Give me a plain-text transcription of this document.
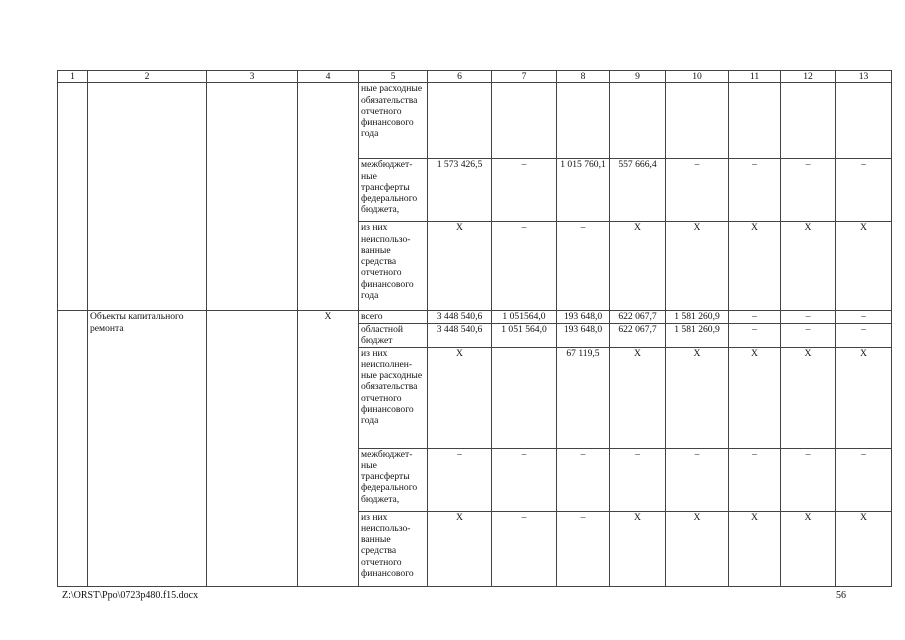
1	2	3	4	5	6	7	8	9	10	11	12	13
				ные расходные обязательства отчетного финансового года								
				межбюджет-ные трансферты федерального бюджета,	1 573 426,5	–	1 015 760,1	557 666,4	–	–	–	–
				из них неиспользо-ванные средства отчетного финансового года	Х	–	–	Х	Х	Х	Х	Х
	Объекты капитального ремонта		Х	всего	3 448 540,6	1 051564,0	193 648,0	622 067,7	1 581 260,9	–	–	–
				областной бюджет	3 448 540,6	1 051 564,0	193 648,0	622 067,7	1 581 260,9	–	–	–
				из них неисполнен-ные расходные обязательства отчетного финансового года	Х		67 119,5	Х	Х	Х	Х	Х
				межбюджет-ные трансферты федерального бюджета,	–	–	–	–	–	–	–	–
				из них неиспользо-ванные средства отчетного финансового	Х	–	–	Х	Х	Х	Х	Х
Z:\ORST\Ppo\0723p480.f15.docx	56
